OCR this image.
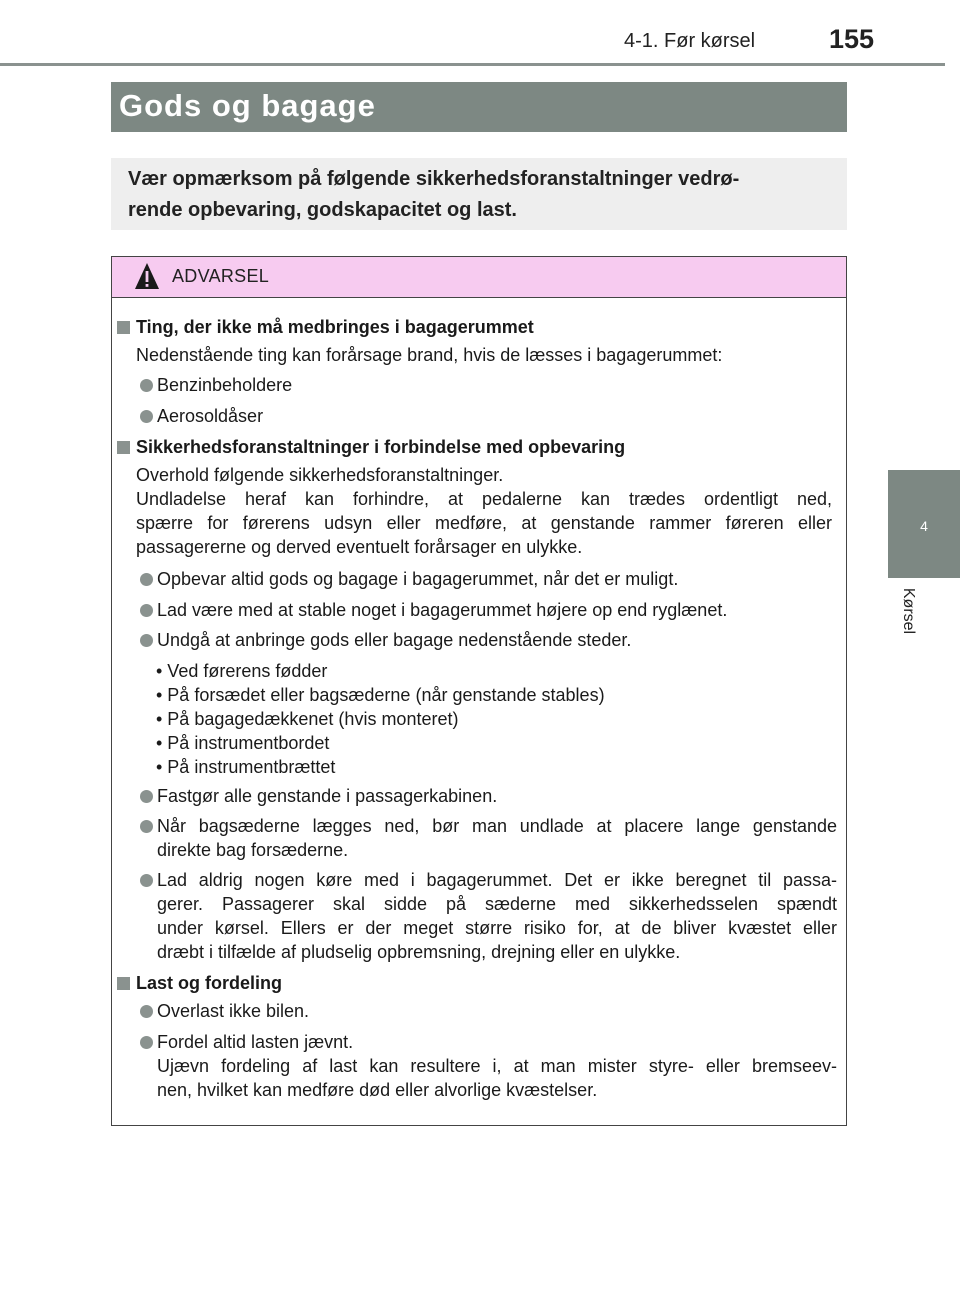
4-1. Før kørsel	155
4
Kørsel
Gods og bagage

Vær opmærksom på følgende sikkerhedsforanstaltninger vedrø-
rende opbevaring, godskapacitet og last.

ADVARSEL
Ting, der ikke må medbringes i bagagerummet
Nedenstående ting kan forårsage brand, hvis de læsses i bagagerummet:
Benzinbeholdere
Aerosoldåser
Sikkerhedsforanstaltninger i forbindelse med opbevaring
Overhold følgende sikkerhedsforanstaltninger.
Undladelse heraf kan forhindre, at pedalerne kan trædes ordentligt ned,
spærre for førerens udsyn eller medføre, at genstande rammer føreren eller
passagererne og derved eventuelt forårsager en ulykke.
Opbevar altid gods og bagage i bagagerummet, når det er muligt.
Lad være med at stable noget i bagagerummet højere op end ryglænet.
Undgå at anbringe gods eller bagage nedenstående steder.
• Ved førerens fødder
• På forsædet eller bagsæderne (når genstande stables)
• På bagagedækkenet (hvis monteret)
• På instrumentbordet
• På instrumentbrættet
Fastgør alle genstande i passagerkabinen.
Når bagsæderne lægges ned, bør man undlade at placere lange genstande
direkte bag forsæderne.
Lad aldrig nogen køre med i bagagerummet. Det er ikke beregnet til passa-
gerer. Passagerer skal sidde på sæderne med sikkerhedsselen spændt
under kørsel. Ellers er der meget større risiko for, at de bliver kvæstet eller
dræbt i tilfælde af pludselig opbremsning, drejning eller en ulykke.
Last og fordeling
Overlast ikke bilen.
Fordel altid lasten jævnt.
Ujævn fordeling af last kan resultere i, at man mister styre- eller bremseev-
nen, hvilket kan medføre død eller alvorlige kvæstelser.
